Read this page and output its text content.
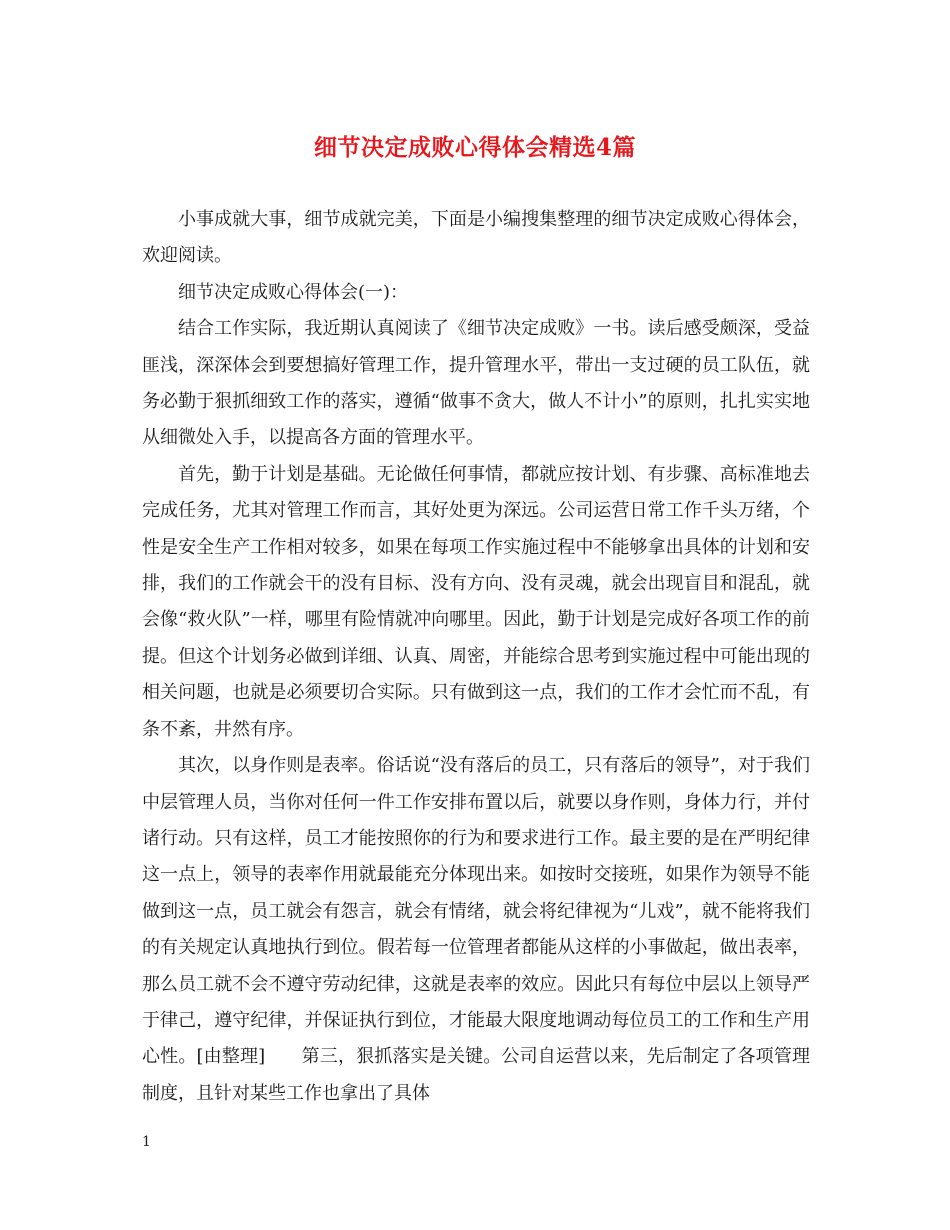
细节决定成败心得体会精选4篇

小事成就大事，细节成就完美，下面是小编搜集整理的细节决定成败心得体会，欢迎阅读。

细节决定成败心得体会(一)：

结合工作实际，我近期认真阅读了《细节决定成败》一书。读后感受颇深，受益匪浅，深深体会到要想搞好管理工作，提升管理水平，带出一支过硬的员工队伍，就务必勤于狠抓细致工作的落实，遵循“做事不贪大，做人不计小”的原则，扎扎实实地从细微处入手，以提高各方面的管理水平。

首先，勤于计划是基础。无论做任何事情，都就应按计划、有步骤、高标准地去完成任务，尤其对管理工作而言，其好处更为深远。公司运营日常工作千头万绪，个性是安全生产工作相对较多，如果在每项工作实施过程中不能够拿出具体的计划和安排，我们的工作就会干的没有目标、没有方向、没有灵魂，就会出现盲目和混乱，就会像“救火队”一样，哪里有险情就冲向哪里。因此，勤于计划是完成好各项工作的前提。但这个计划务必做到详细、认真、周密，并能综合思考到实施过程中可能出现的相关问题，也就是必须要切合实际。只有做到这一点，我们的工作才会忙而不乱，有条不紊，井然有序。

其次，以身作则是表率。俗话说“没有落后的员工，只有落后的领导”，对于我们中层管理人员，当你对任何一件工作安排布置以后，就要以身作则，身体力行，并付诸行动。只有这样，员工才能按照你的行为和要求进行工作。最主要的是在严明纪律这一点上，领导的表率作用就最能充分体现出来。如按时交接班，如果作为领导不能做到这一点，员工就会有怨言，就会有情绪，就会将纪律视为“儿戏”，就不能将我们的有关规定认真地执行到位。假若每一位管理者都能从这样的小事做起，做出表率，那么员工就不会不遵守劳动纪律，这就是表率的效应。因此只有每位中层以上领导严于律己，遵守纪律，并保证执行到位，才能最大限度地调动每位员工的工作和生产用心性。[由整理]　　第三，狠抓落实是关键。公司自运营以来，先后制定了各项管理制度，且针对某些工作也拿出了具体

1
